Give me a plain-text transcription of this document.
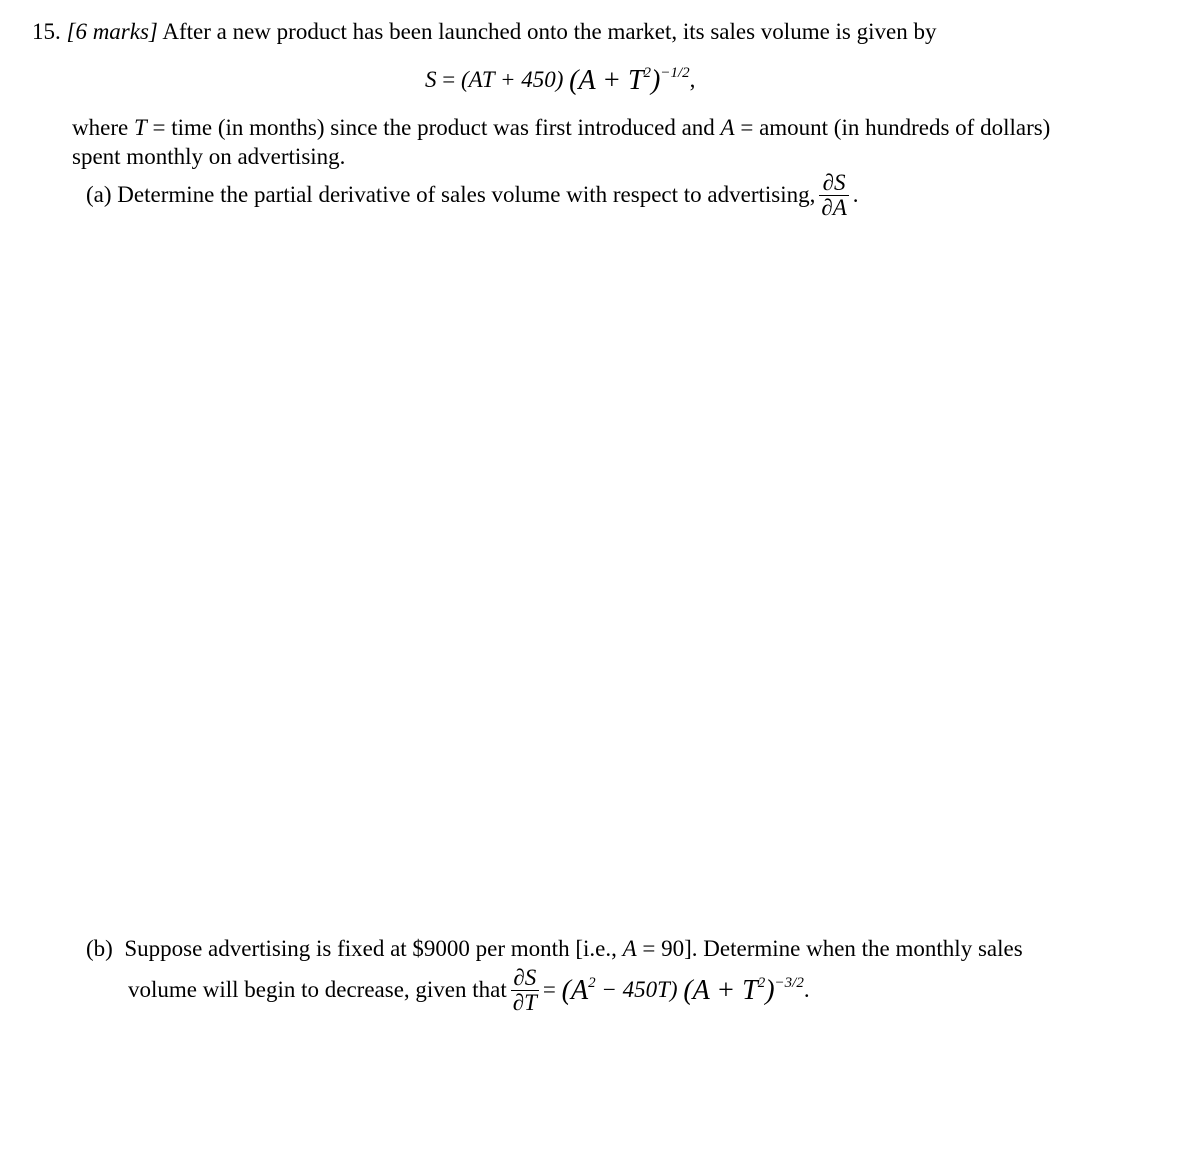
15. [6 marks] After a new product has been launched onto the market, its sales volume is given by
S = (AT + 450) $(A + T^2)^{-1/2}$,
where T = time (in months) since the product was first introduced and A = amount (in hundreds of dollars)
spent monthly on advertising.
(a)
Determine the partial derivative of sales volume with respect to advertising, $\frac{\partial S}{\partial A}$ .
(b) Suppose advertising is fixed at $9000 per month [i.e., A = 90]. Determine when the monthly sales
volume will begin to decrease, given that $\frac{\partial S}{\partial T}$ =
$(A^2 - 450T)$
$(A + T^2)^{-3/2}$ .
